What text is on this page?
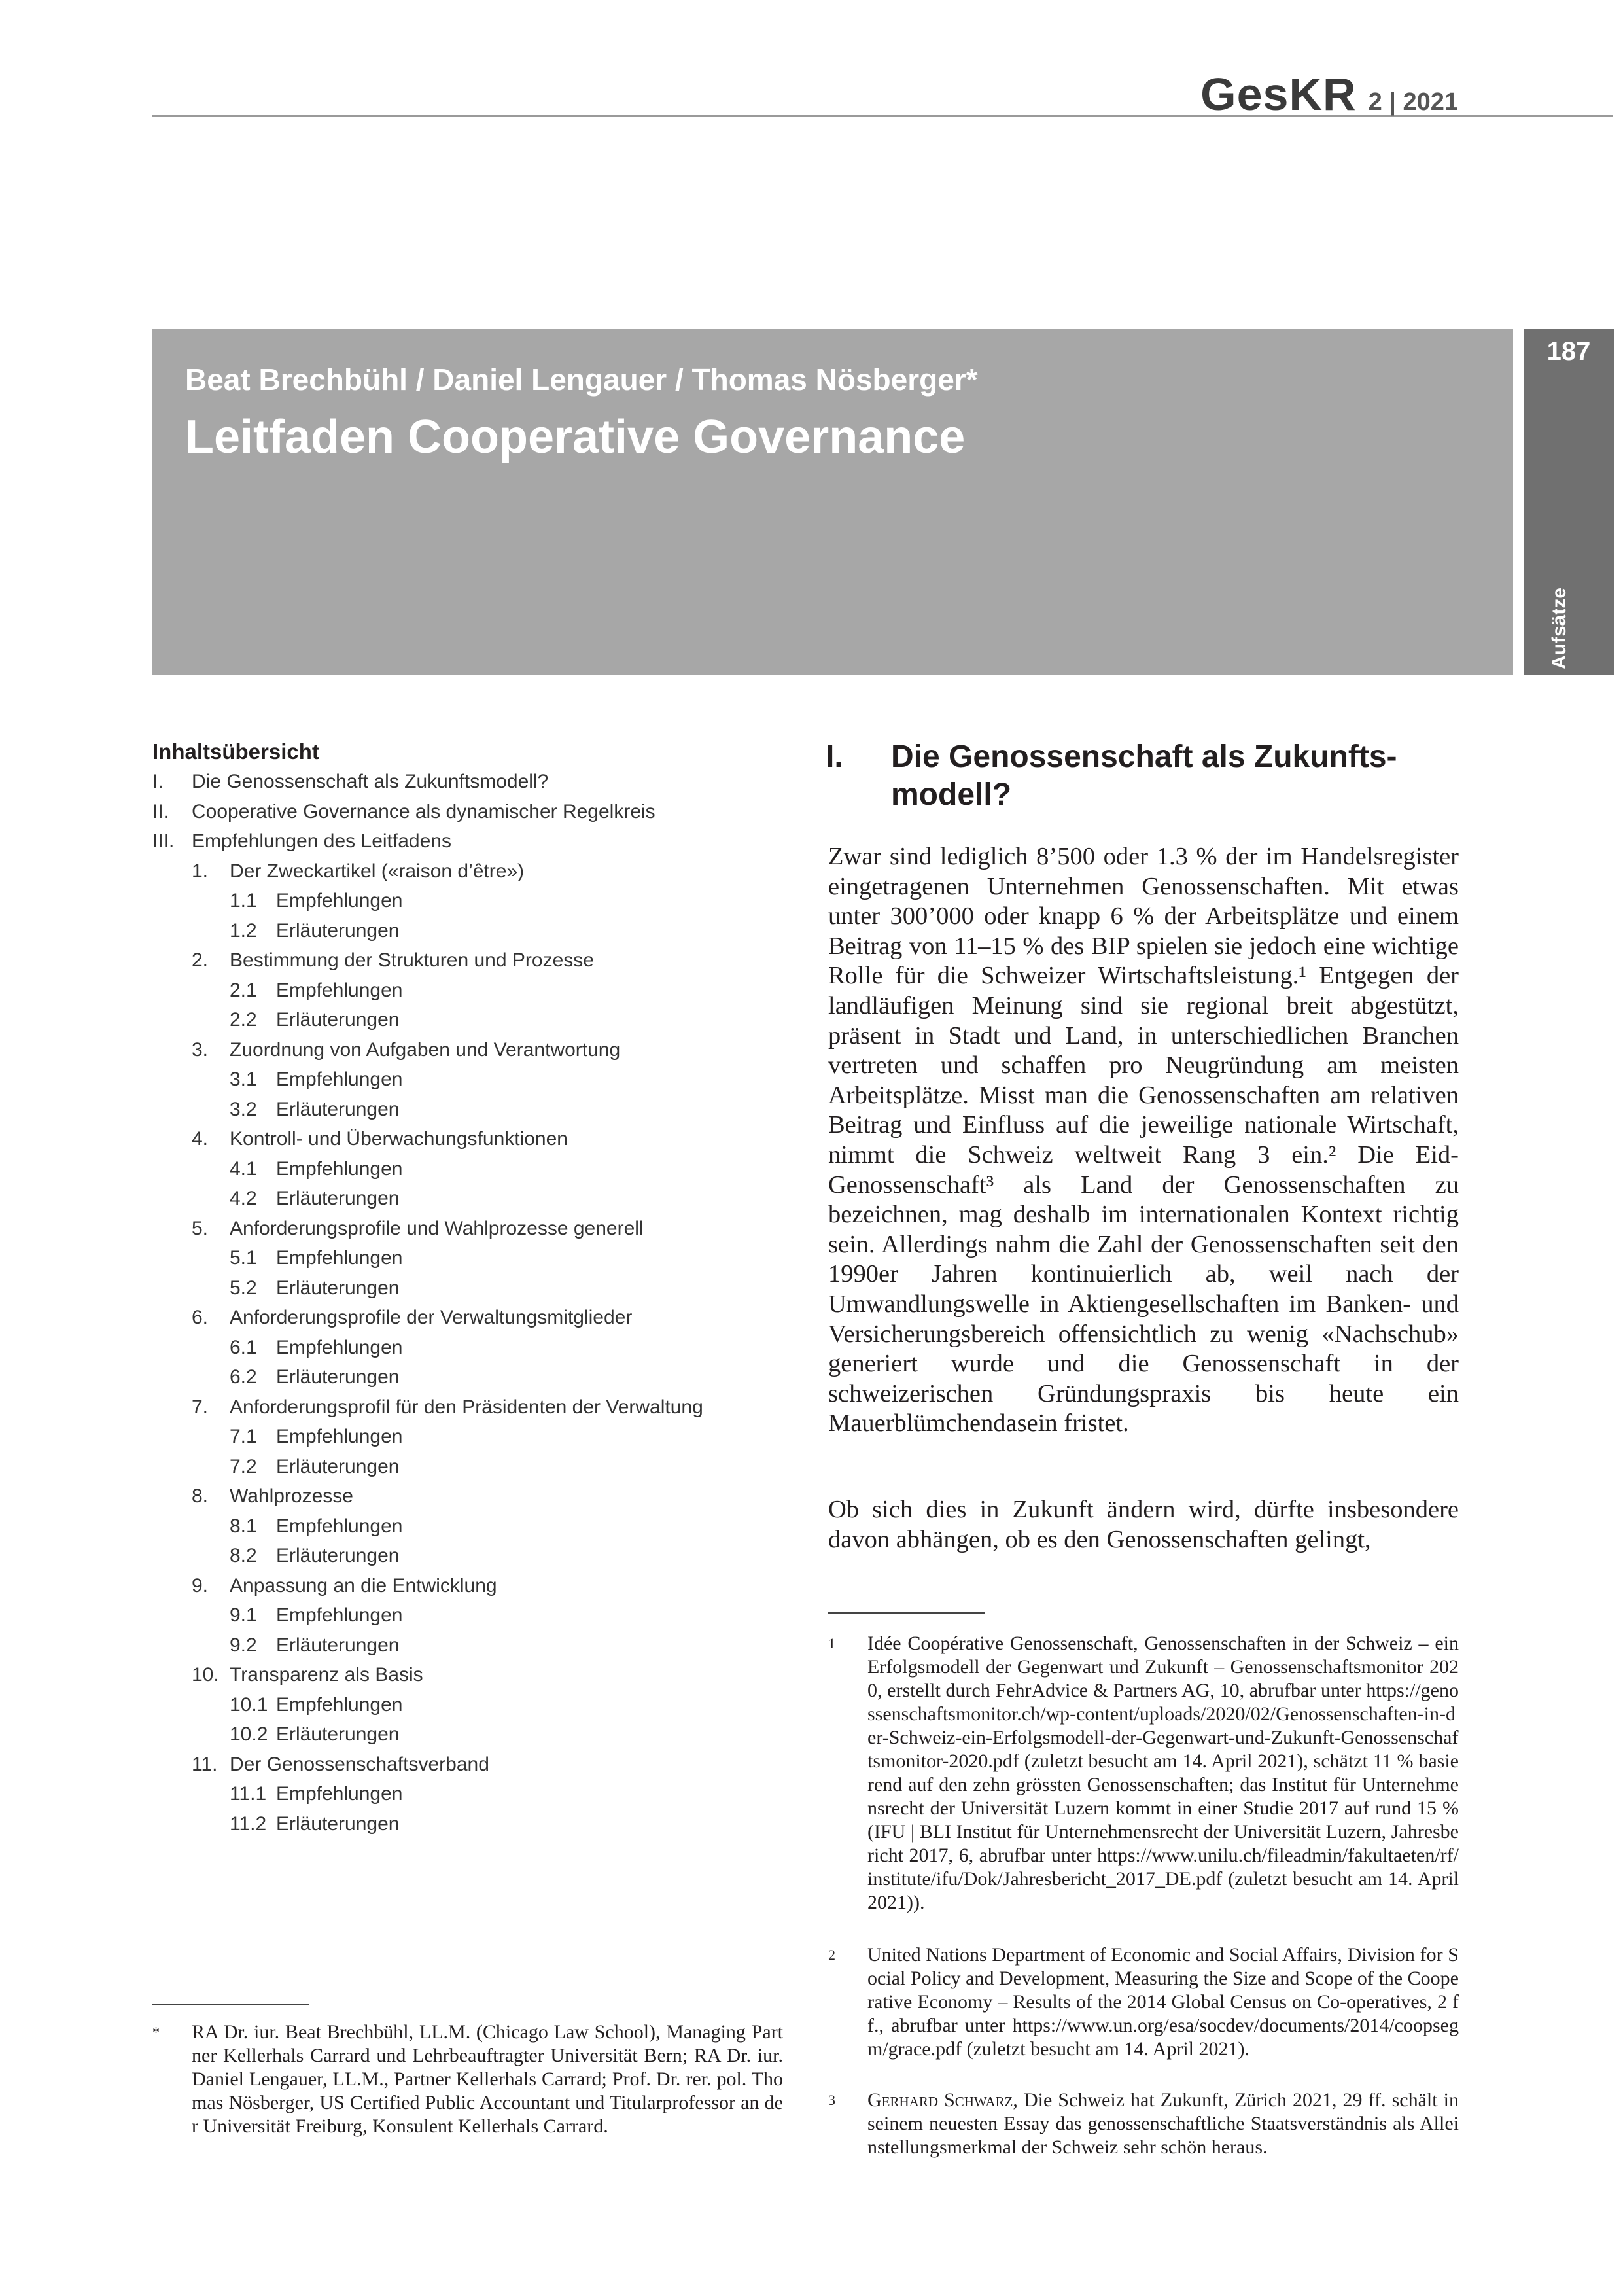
GesKR 2 | 2021
Beat Brechbühl / Daniel Lengauer / Thomas Nösberger*
Leitfaden Cooperative Governance
187
Aufsätze
Inhaltsübersicht
I. Die Genossenschaft als Zukunftsmodell?
II. Cooperative Governance als dynamischer Regelkreis
III. Empfehlungen des Leitfadens
1. Der Zweckartikel («raison d’être»)
1.1 Empfehlungen
1.2 Erläuterungen
2. Bestimmung der Strukturen und Prozesse
2.1 Empfehlungen
2.2 Erläuterungen
3. Zuordnung von Aufgaben und Verantwortung
3.1 Empfehlungen
3.2 Erläuterungen
4. Kontroll- und Überwachungsfunktionen
4.1 Empfehlungen
4.2 Erläuterungen
5. Anforderungsprofile und Wahlprozesse generell
5.1 Empfehlungen
5.2 Erläuterungen
6. Anforderungsprofile der Verwaltungsmitglieder
6.1 Empfehlungen
6.2 Erläuterungen
7. Anforderungsprofil für den Präsidenten der Verwaltung
7.1 Empfehlungen
7.2 Erläuterungen
8. Wahlprozesse
8.1 Empfehlungen
8.2 Erläuterungen
9. Anpassung an die Entwicklung
9.1 Empfehlungen
9.2 Erläuterungen
10. Transparenz als Basis
10.1 Empfehlungen
10.2 Erläuterungen
11. Der Genossenschaftsverband
11.1 Empfehlungen
11.2 Erläuterungen
I. Die Genossenschaft als Zukunfts-
modell?

Zwar sind lediglich 8’500 oder 1.3 % der im Handelsregister eingetragenen Unternehmen Genossenschaften. Mit etwas unter 300’000 oder knapp 6 % der Arbeitsplätze und einem Beitrag von 11–15 % des BIP spielen sie jedoch eine wichtige Rolle für die Schweizer Wirtschaftsleistung.¹ Entgegen der landläufigen Meinung sind sie regional breit abgestützt, präsent in Stadt und Land, in unterschiedlichen Branchen vertreten und schaffen pro Neugründung am meisten Arbeitsplätze. Misst man die Genossenschaften am relativen Beitrag und Einfluss auf die jeweilige nationale Wirtschaft, nimmt die Schweiz weltweit Rang 3 ein.² Die Eid-Genossenschaft³ als Land der Genossenschaften zu bezeichnen, mag deshalb im internationalen Kontext richtig sein. Allerdings nahm die Zahl der Genossenschaften seit den 1990er Jahren kontinuierlich ab, weil nach der Umwandlungswelle in Aktiengesellschaften im Banken- und Versicherungsbereich offensichtlich zu wenig «Nachschub» generiert wurde und die Genossenschaft in der schweizerischen Gründungspraxis bis heute ein Mauerblümchendasein fristet.

Ob sich dies in Zukunft ändern wird, dürfte insbesondere davon abhängen, ob es den Genossenschaften gelingt,

1 Idée Coopérative Genossenschaft, Genossenschaften in der Schweiz – ein Erfolgsmodell der Gegenwart und Zukunft – Genossenschaftsmonitor 2020, erstellt durch FehrAdvice & Partners AG, 10, abrufbar unter https://genossenschaftsmonitor.ch/wp-content/uploads/2020/02/Genossenschaften-in-der-Schweiz-ein-Erfolgsmodell-der-Gegenwart-und-Zukunft-Genossenschaftsmonitor-2020.pdf (zuletzt besucht am 14. April 2021), schätzt 11 % basierend auf den zehn grössten Genossenschaften; das Institut für Unternehmensrecht der Universität Luzern kommt in einer Studie 2017 auf rund 15 % (IFU | BLI Institut für Unternehmensrecht der Universität Luzern, Jahresbericht 2017, 6, abrufbar unter https://www.unilu.ch/fileadmin/fakultaeten/rf/institute/ifu/Dok/Jahresbericht_2017_DE.pdf (zuletzt besucht am 14. April 2021)).

2 United Nations Department of Economic and Social Affairs, Division for Social Policy and Development, Measuring the Size and Scope of the Cooperative Economy – Results of the 2014 Global Census on Co-operatives, 2 ff., abrufbar unter https://www.un.org/esa/socdev/documents/2014/coopsegm/grace.pdf (zuletzt besucht am 14. April 2021).

3 Gerhard Schwarz, Die Schweiz hat Zukunft, Zürich 2021, 29 ff. schält in seinem neuesten Essay das genossenschaftliche Staatsverständnis als Alleinstellungsmerkmal der Schweiz sehr schön heraus.

* RA Dr. iur. Beat Brechbühl, LL.M. (Chicago Law School), Managing Partner Kellerhals Carrard und Lehrbeauftragter Universität Bern; RA Dr. iur. Daniel Lengauer, LL.M., Partner Kellerhals Carrard; Prof. Dr. rer. pol. Thomas Nösberger, US Certified Public Accountant und Titularprofessor an der Universität Freiburg, Konsulent Kellerhals Carrard.
